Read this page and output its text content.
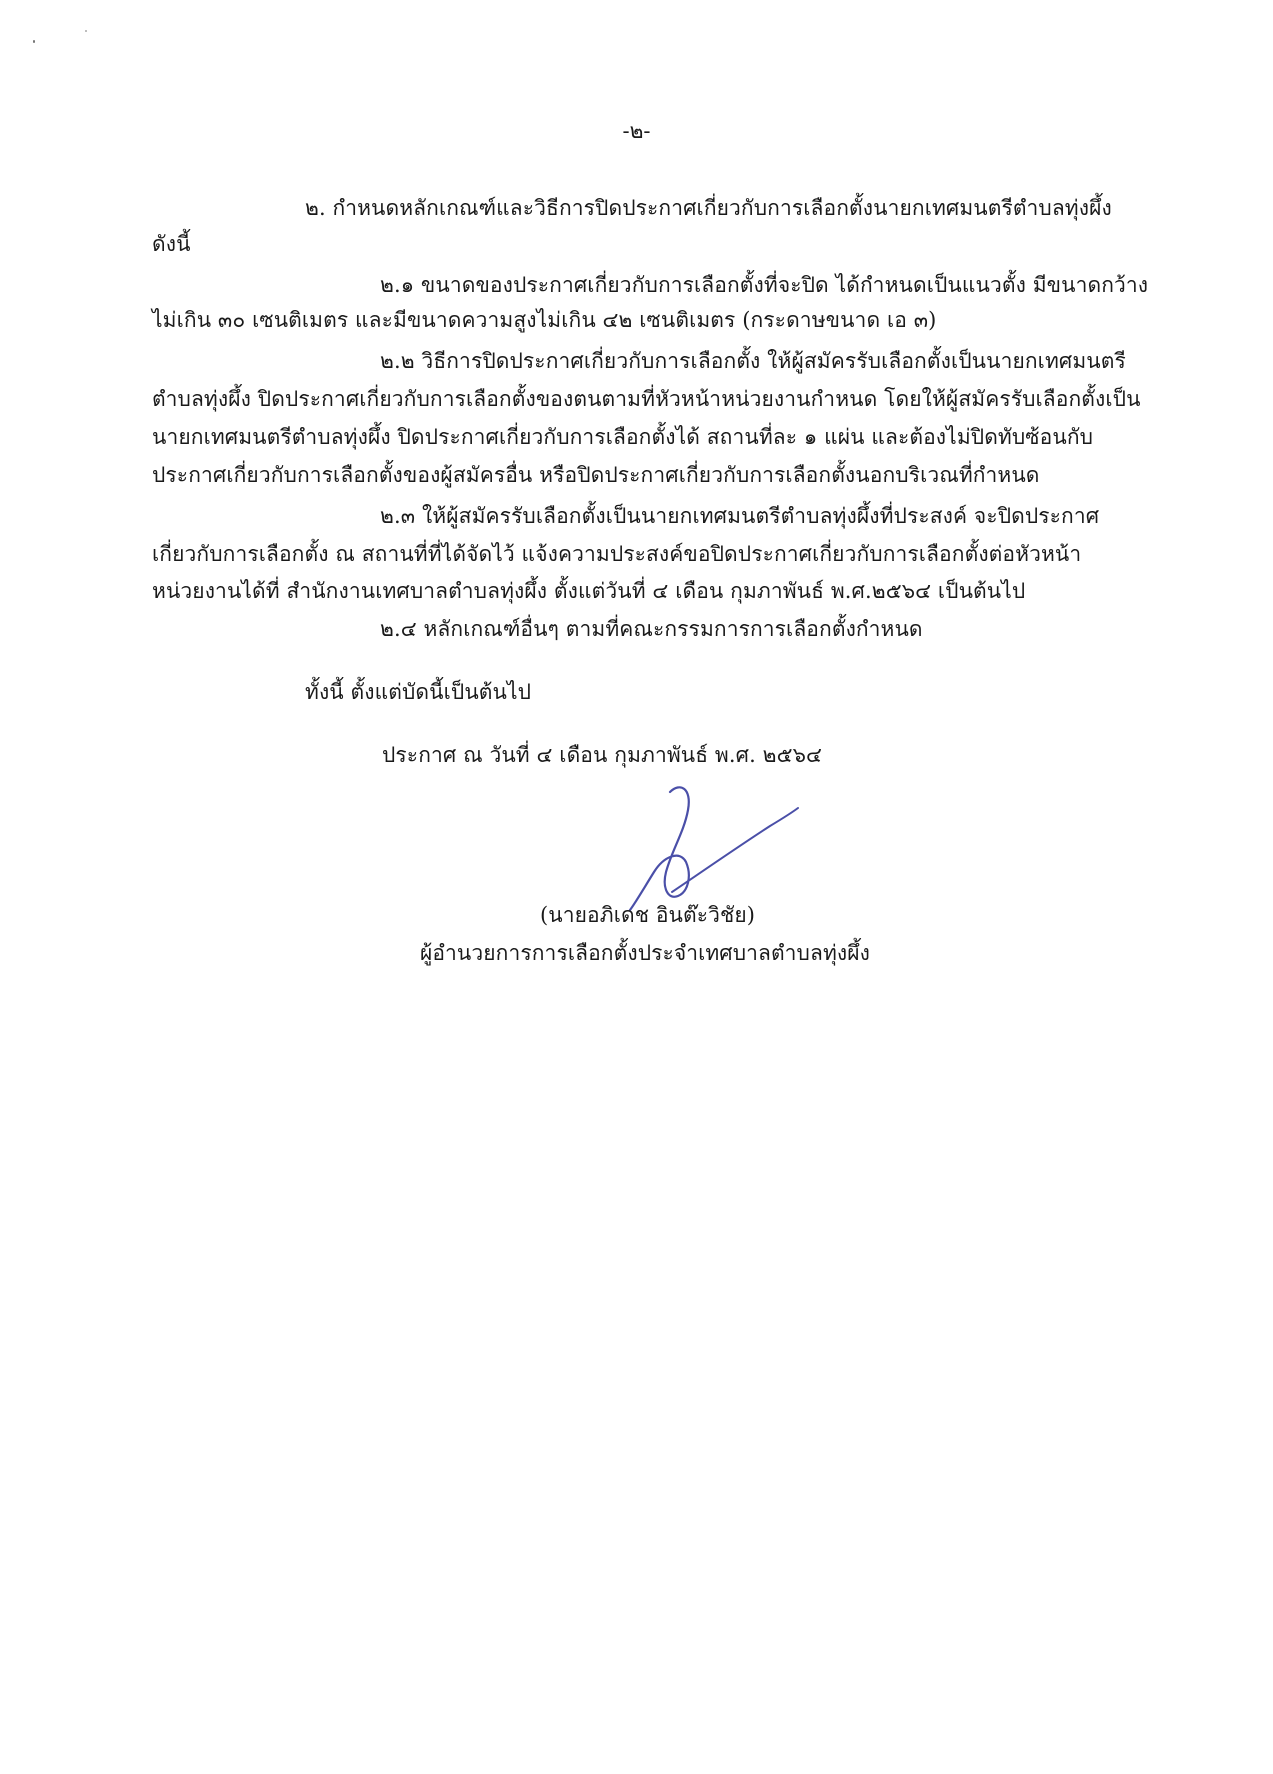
-๒-
๒. กำหนดหลักเกณฑ์และวิธีการปิดประกาศเกี่ยวกับการเลือกตั้งนายกเทศมนตรีตำบลทุ่งผึ้ง
ดังนี้
๒.๑ ขนาดของประกาศเกี่ยวกับการเลือกตั้งที่จะปิด ได้กำหนดเป็นแนวตั้ง มีขนาดกว้าง
ไม่เกิน ๓๐ เซนติเมตร และมีขนาดความสูงไม่เกิน ๔๒ เซนติเมตร (กระดาษขนาด เอ ๓)
๒.๒ วิธีการปิดประกาศเกี่ยวกับการเลือกตั้ง ให้ผู้สมัครรับเลือกตั้งเป็นนายกเทศมนตรี
ตำบลทุ่งผึ้ง ปิดประกาศเกี่ยวกับการเลือกตั้งของตนตามที่หัวหน้าหน่วยงานกำหนด โดยให้ผู้สมัครรับเลือกตั้งเป็น
นายกเทศมนตรีตำบลทุ่งผึ้ง ปิดประกาศเกี่ยวกับการเลือกตั้งได้ สถานที่ละ ๑ แผ่น และต้องไม่ปิดทับซ้อนกับ
ประกาศเกี่ยวกับการเลือกตั้งของผู้สมัครอื่น หรือปิดประกาศเกี่ยวกับการเลือกตั้งนอกบริเวณที่กำหนด
๒.๓ ให้ผู้สมัครรับเลือกตั้งเป็นนายกเทศมนตรีตำบลทุ่งผึ้งที่ประสงค์ จะปิดประกาศ
เกี่ยวกับการเลือกตั้ง ณ สถานที่ที่ได้จัดไว้ แจ้งความประสงค์ขอปิดประกาศเกี่ยวกับการเลือกตั้งต่อหัวหน้า
หน่วยงานได้ที่ สำนักงานเทศบาลตำบลทุ่งผึ้ง ตั้งแต่วันที่ ๔ เดือน กุมภาพันธ์ พ.ศ.๒๕๖๔ เป็นต้นไป
๒.๔ หลักเกณฑ์อื่นๆ ตามที่คณะกรรมการการเลือกตั้งกำหนด
ทั้งนี้ ตั้งแต่บัดนี้เป็นต้นไป
ประกาศ ณ วันที่ ๔ เดือน กุมภาพันธ์ พ.ศ. ๒๕๖๔
(นายอภิเดช อินต๊ะวิชัย)
ผู้อำนวยการการเลือกตั้งประจำเทศบาลตำบลทุ่งผึ้ง
